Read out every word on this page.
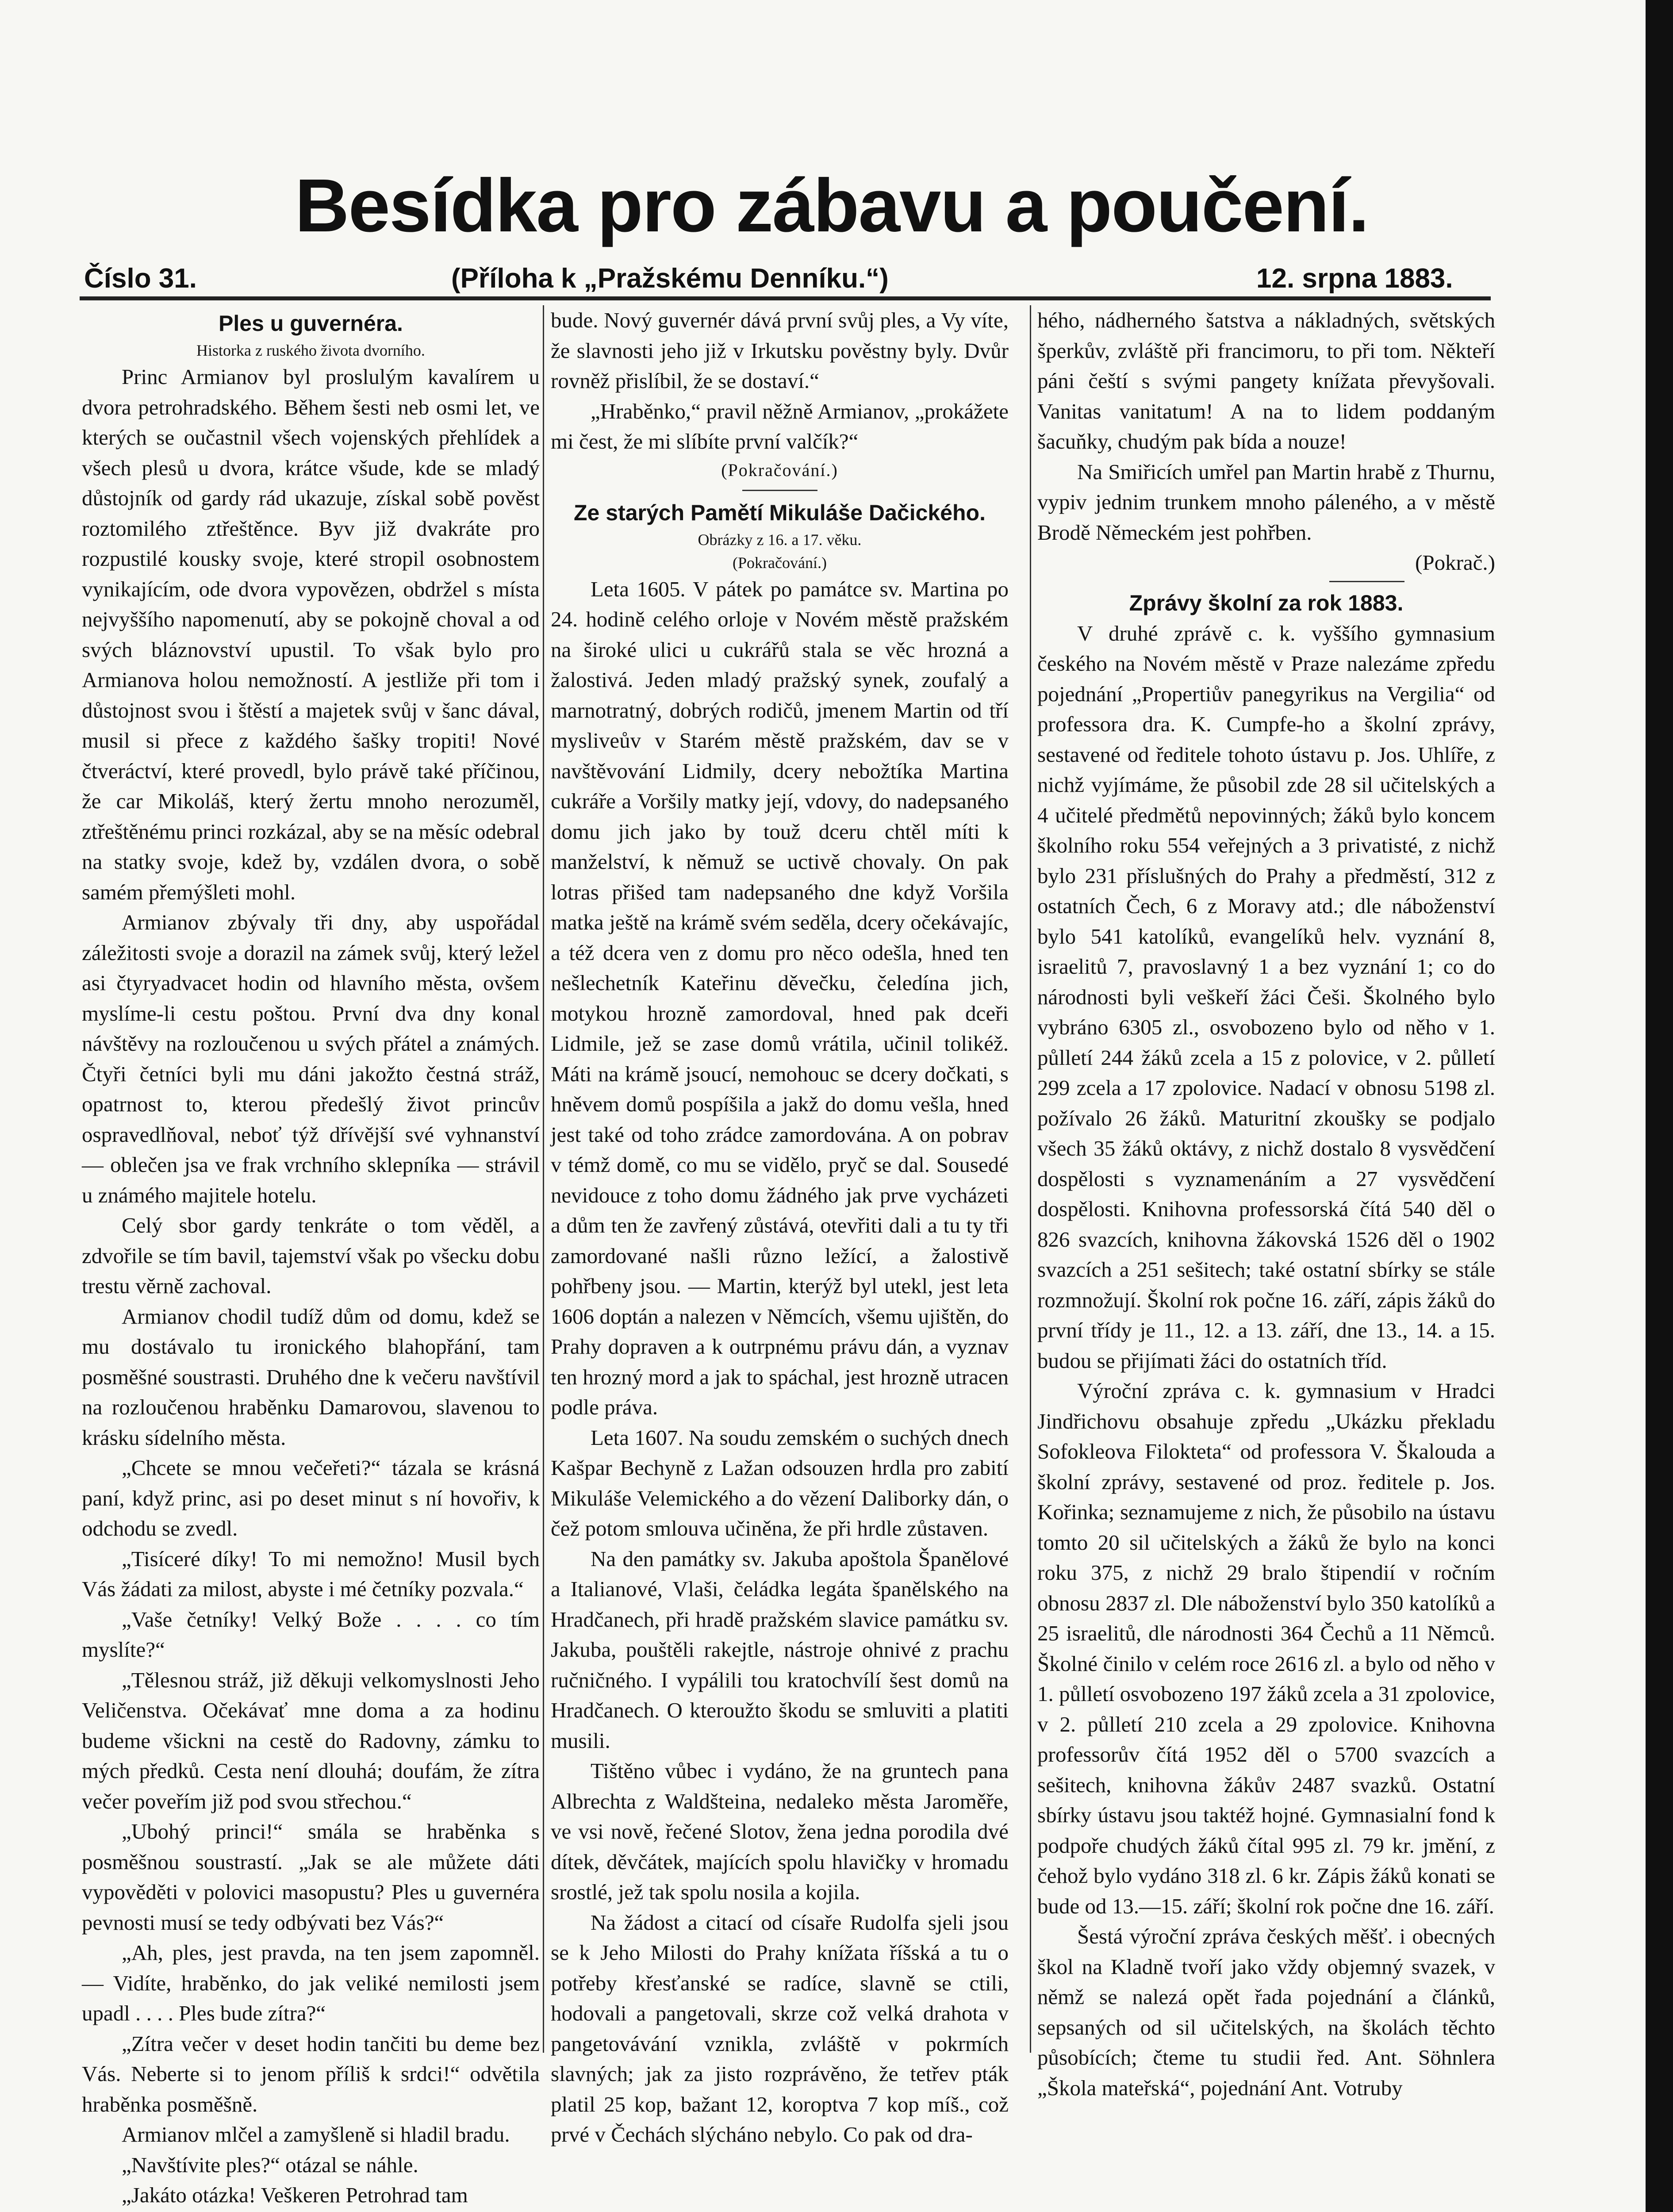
Besídka pro zábavu a poučení.
Číslo 31.	(Příloha k „Pražskému Denníku.“)	12. srpna 1883.
Ples u guvernéra.
Historka z ruského života dvorního.

Princ Armianov byl proslulým kavalírem u dvora petrohradského. Během šesti neb osmi let, ve kterých se oučastnil všech vojenských přehlídek a všech plesů u dvora, krátce všude, kde se mladý důstojník od gardy rád ukazuje, získal sobě pověst roztomilého ztřeštěnce. Byv již dvakráte pro rozpustilé kousky svoje, které stropil osobnostem vynikajícím, ode dvora vypovězen, obdržel s místa nejvyššího napomenutí, aby se pokojně choval a od svých bláznovství upustil. To však bylo pro Armianova holou nemožností. A jestliže při tom i důstojnost svou i štěstí a majetek svůj v šanc dával, musil si přece z každého šašky tropiti! Nové čtveráctví, které provedl, bylo právě také příčinou, že car Mikoláš, který žertu mnoho nerozuměl, ztřeštěnému princi rozkázal, aby se na měsíc odebral na statky svoje, kdež by, vzdálen dvora, o sobě samém přemýšleti mohl.

Armianov zbývaly tři dny, aby uspořádal záležitosti svoje a dorazil na zámek svůj, který ležel asi čtyryadvacet hodin od hlavního města, ovšem myslíme-li cestu poštou. První dva dny konal návštěvy na rozloučenou u svých přátel a známých. Čtyři četníci byli mu dáni jakožto čestná stráž, opatrnost to, kterou předešlý život princův ospravedlňoval, neboť týž dřívější své vyhnanství — oblečen jsa ve frak vrchního sklepníka — strávil u známého majitele hotelu.

Celý sbor gardy tenkráte o tom věděl, a zdvořile se tím bavil, tajemství však po všecku dobu trestu věrně zachoval.

Armianov chodil tudíž dům od domu, kdež se mu dostávalo tu ironického blahopřání, tam posměšné soustrasti. Druhého dne k večeru navštívil na rozloučenou hraběnku Damarovou, slavenou to krásku sídelního města.

„Chcete se mnou večeřeti?“ tázala se krásná paní, když princ, asi po deset minut s ní hovořiv, k odchodu se zvedl.

„Tisíceré díky! To mi nemožno! Musil bych Vás žádati za milost, abyste i mé četníky pozvala.“

„Vaše četníky! Velký Bože . . . . co tím myslíte?“

„Tělesnou stráž, již děkuji velkomyslnosti Jeho Veličenstva. Očekávať mne doma a za hodinu budeme všickni na cestě do Radovny, zámku to mých předků. Cesta není dlouhá; doufám, že zítra večer poveřím již pod svou střechou.“

„Ubohý princi!“ smála se hraběnka s posměšnou soustrastí. „Jak se ale můžete dáti vypověděti v polovici masopustu? Ples u guvernéra pevnosti musí se tedy odbývati bez Vás?“

„Ah, ples, jest pravda, na ten jsem zapomněl. — Vidíte, hraběnko, do jak veliké nemilosti jsem upadl . . . . Ples bude zítra?“

„Zítra večer v deset hodin tančiti bu deme bez Vás. Neberte si to jenom příliš k srdci!“ odvětila hraběnka posměšně.

Armianov mlčel a zamyšleně si hladil bradu.

„Navštívite ples?“ otázal se náhle.

„Jakáto otázka! Veškeren Petrohrad tam

bude. Nový guvernér dává první svůj ples, a Vy víte, že slavnosti jeho již v Irkutsku pověstny byly. Dvůr rovněž přislíbil, že se dostaví.“

„Hraběnko,“ pravil něžně Armianov, „prokážete mi čest, že mi slíbíte první valčík?“

(Pokračování.)
Ze starých Pamětí Mikuláše Dačického.
Obrázky z 16. a 17. věku.
(Pokračování.)

Leta 1605. V pátek po památce sv. Martina po 24. hodině celého orloje v Novém městě pražském na široké ulici u cukrářů stala se věc hrozná a žalostivá. Jeden mladý pražský synek, zoufalý a marnotratný, dobrých rodičů, jmenem Martin od tří mysliveův v Starém městě pražském, dav se v navštěvování Lidmily, dcery nebožtíka Martina cukráře a Voršily matky její, vdovy, do nadepsaného domu jich jako by touž dceru chtěl míti k manželství, k němuž se uctivě chovaly. On pak lotras přišed tam nadepsaného dne když Voršila matka ještě na krámě svém seděla, dcery očekávajíc, a též dcera ven z domu pro něco odešla, hned ten nešlechetník Kateřinu děvečku, čeledína jich, motykou hrozně zamordoval, hned pak dceři Lidmile, jež se zase domů vrátila, učinil tolikéž. Máti na krámě jsoucí, nemohouc se dcery dočkati, s hněvem domů pospíšila a jakž do domu vešla, hned jest také od toho zrádce zamordována. A on pobrav v témž domě, co mu se vidělo, pryč se dal. Sousedé nevidouce z toho domu žádného jak prve vycházeti a dům ten že zavřený zůstává, otevřiti dali a tu ty tři zamordované našli různo ležící, a žalostivě pohřbeny jsou. — Martin, kterýž byl utekl, jest leta 1606 doptán a nalezen v Němcích, všemu ujištěn, do Prahy dopraven a k outrpnému právu dán, a vyznav ten hrozný mord a jak to spáchal, jest hrozně utracen podle práva.

Leta 1607. Na soudu zemském o suchých dnech Kašpar Bechyně z Lažan odsouzen hrdla pro zabití Mikuláše Velemického a do vězení Daliborky dán, o čež potom smlouva učiněna, že při hrdle zůstaven.

Na den památky sv. Jakuba apoštola Španělové a Italianové, Vlaši, čeládka legáta španělského na Hradčanech, při hradě pražském slavice památku sv. Jakuba, pouštěli rakejtle, nástroje ohnivé z prachu ručničného. I vypálili tou kratochvílí šest domů na Hradčanech. O kteroužto škodu se smluviti a platiti musili.

Tištěno vůbec i vydáno, že na gruntech pana Albrechta z Waldšteina, nedaleko města Jaroměře, ve vsi nově, řečené Slotov, žena jedna porodila dvé dítek, děvčátek, majících spolu hlavičky v hromadu srostlé, jež tak spolu nosila a kojila.

Na žádost a citací od císaře Rudolfa sjeli jsou se k Jeho Milosti do Prahy knížata říšská a tu o potřeby křesťanské se radíce, slavně se ctili, hodovali a pangetovali, skrze což velká drahota v pangetovávání vznikla, zvláště v pokrmích slavných; jak za jisto rozprávěno, že tetřev pták platil 25 kop, bažant 12, koroptva 7 kop míš., což prvé v Čechách slýcháno nebylo. Co pak od dra-

hého, nádherného šatstva a nákladných, světských šperkův, zvláště při francimoru, to při tom. Někteří páni čeští s svými pangety knížata převyšovali. Vanitas vanitatum! A na to lidem poddaným šacuňky, chudým pak bída a nouze!

Na Smiřicích umřel pan Martin hrabě z Thurnu, vypiv jednim trunkem mnoho páleného, a v městě Brodě Německém jest pohřben.

(Pokrač.)
Zprávy školní za rok 1883.

V druhé zprávě c. k. vyššího gymnasium českého na Novém městě v Praze nalezáme zpředu pojednání „Propertiův panegyrikus na Vergilia“ od professora dra. K. Cumpfe-ho a školní zprávy, sestavené od ředitele tohoto ústavu p. Jos. Uhlíře, z nichž vyjímáme, že působil zde 28 sil učitelských a 4 učitelé předmětů nepovinných; žáků bylo koncem školního roku 554 veřejných a 3 privatisté, z nichž bylo 231 příslušných do Prahy a předměstí, 312 z ostatních Čech, 6 z Moravy atd.; dle náboženství bylo 541 katolíků, evangelíků helv. vyznání 8, israelitů 7, pravoslavný 1 a bez vyznání 1; co do národnosti byli veškeří žáci Češi. Školného bylo vybráno 6305 zl., osvobozeno bylo od něho v 1. půlletí 244 žáků zcela a 15 z polovice, v 2. půlletí 299 zcela a 17 zpolovice. Nadací v obnosu 5198 zl. požívalo 26 žáků. Maturitní zkoušky se podjalo všech 35 žáků oktávy, z nichž dostalo 8 vysvědčení dospělosti s vyznamenáním a 27 vysvědčení dospělosti. Knihovna professorská čítá 540 děl o 826 svazcích, knihovna žákovská 1526 děl o 1902 svazcích a 251 sešitech; také ostatní sbírky se stále rozmnožují. Školní rok počne 16. září, zápis žáků do první třídy je 11., 12. a 13. září, dne 13., 14. a 15. budou se přijímati žáci do ostatních tříd.

Výroční zpráva c. k. gymnasium v Hradci Jindřichovu obsahuje zpředu „Ukázku překladu Sofokleova Filokteta“ od professora V. Škalouda a školní zprávy, sestavené od proz. ředitele p. Jos. Kořinka; seznamujeme z nich, že působilo na ústavu tomto 20 sil učitelských a žáků že bylo na konci roku 375, z nichž 29 bralo štipendií v ročním obnosu 2837 zl. Dle náboženství bylo 350 katolíků a 25 israelitů, dle národnosti 364 Čechů a 11 Němců. Školné činilo v celém roce 2616 zl. a bylo od něho v 1. půlletí osvobozeno 197 žáků zcela a 31 zpolovice, v 2. půlletí 210 zcela a 29 zpolovice. Knihovna professorův čítá 1952 děl o 5700 svazcích a sešitech, knihovna žákův 2487 svazků. Ostatní sbírky ústavu jsou taktéž hojné. Gymnasialní fond k podpoře chudých žáků čítal 995 zl. 79 kr. jmění, z čehož bylo vydáno 318 zl. 6 kr. Zápis žáků konati se bude od 13.—15. září; školní rok počne dne 16. září.

Šestá výroční zpráva českých měšť. i obecných škol na Kladně tvoří jako vždy objemný svazek, v němž se nalezá opět řada pojednání a článků, sepsaných od sil učitelských, na školách těchto působících; čteme tu studii řed. Ant. Söhnlera „Škola mateřská“, pojednání Ant. Votruby
